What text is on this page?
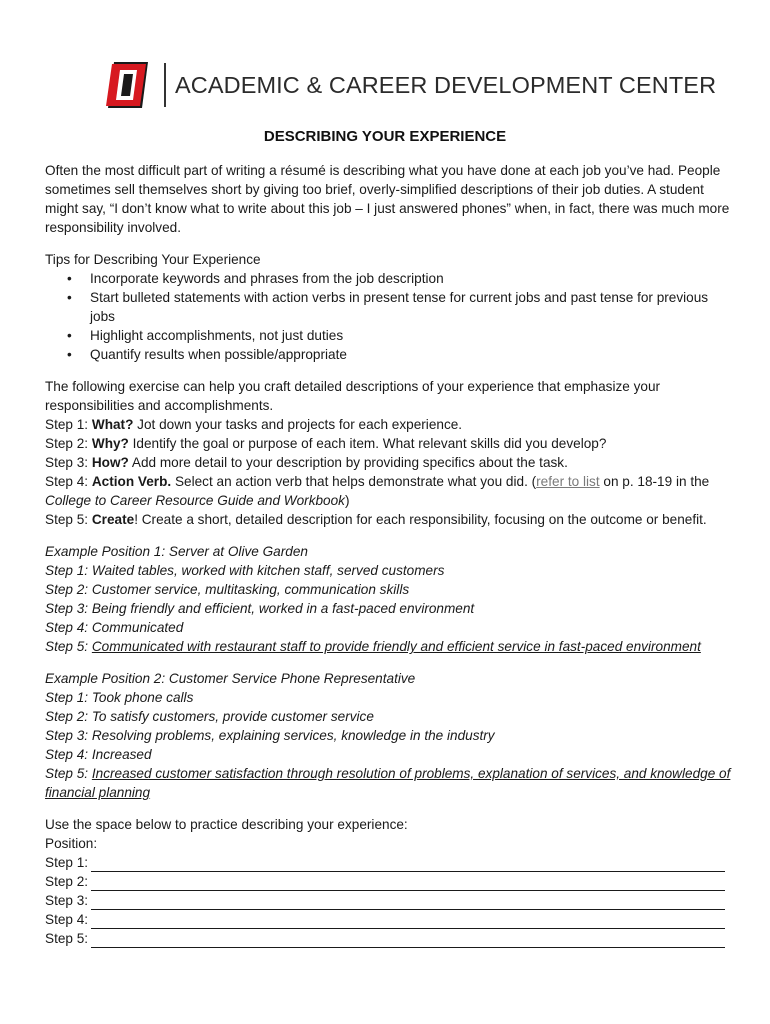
ACADEMIC & CAREER DEVELOPMENT CENTER
DESCRIBING YOUR EXPERIENCE

Often the most difficult part of writing a résumé is describing what you have done at each job you’ve had. People sometimes sell themselves short by giving too brief, overly-simplified descriptions of their job duties. A student might say, “I don’t know what to write about this job – I just answered phones” when, in fact, there was much more responsibility involved.

Tips for Describing Your Experience

• Incorporate keywords and phrases from the job description
• Start bulleted statements with action verbs in present tense for current jobs and past tense for previous jobs
• Highlight accomplishments, not just duties
• Quantify results when possible/appropriate

The following exercise can help you craft detailed descriptions of your experience that emphasize your responsibilities and accomplishments.

Step 1: What? Jot down your tasks and projects for each experience.

Step 2: Why? Identify the goal or purpose of each item. What relevant skills did you develop?

Step 3: How? Add more detail to your description by providing specifics about the task.

Step 4: Action Verb. Select an action verb that helps demonstrate what you did. (refer to list on p. 18-19 in the College to Career Resource Guide and Workbook)

Step 5: Create! Create a short, detailed description for each responsibility, focusing on the outcome or benefit.

Example Position 1: Server at Olive Garden

Step 1: Waited tables, worked with kitchen staff, served customers

Step 2: Customer service, multitasking, communication skills

Step 3: Being friendly and efficient, worked in a fast-paced environment

Step 4: Communicated

Step 5: Communicated with restaurant staff to provide friendly and efficient service in fast-paced environment

Example Position 2: Customer Service Phone Representative

Step 1: Took phone calls

Step 2: To satisfy customers, provide customer service

Step 3: Resolving problems, explaining services, knowledge in the industry

Step 4: Increased

Step 5: Increased customer satisfaction through resolution of problems, explanation of services, and knowledge of financial planning

Use the space below to practice describing your experience:

Position:

Step 1:
Step 2:
Step 3:
Step 4:
Step 5:
